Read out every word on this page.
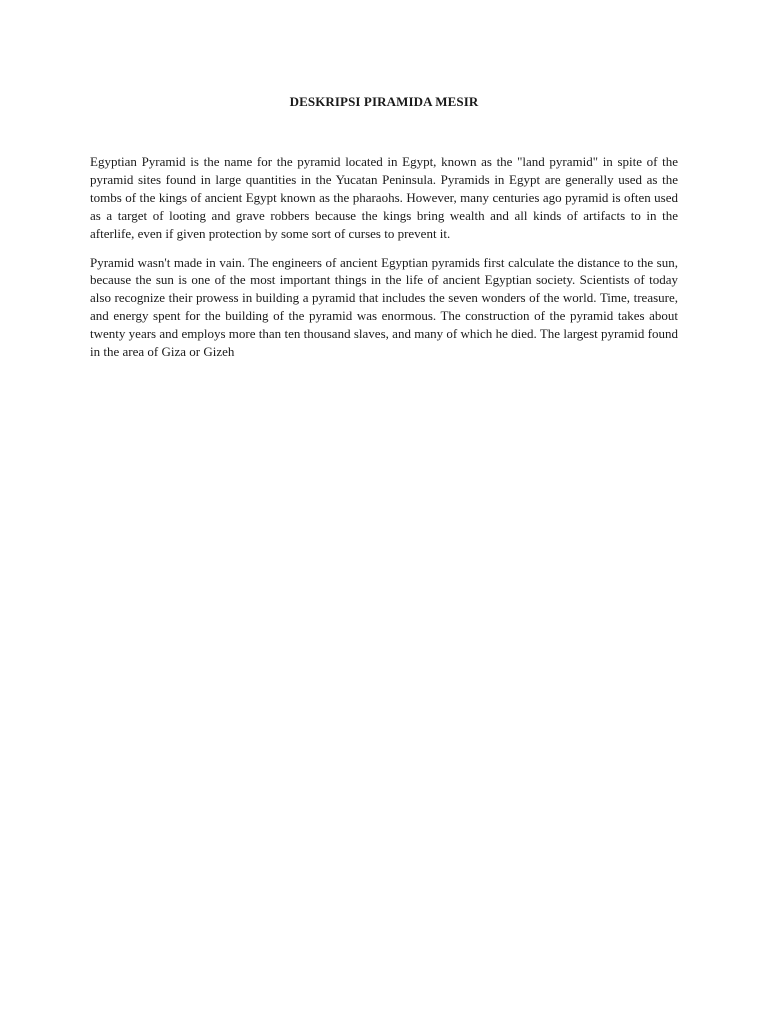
DESKRIPSI PIRAMIDA MESIR

Egyptian Pyramid is the name for the pyramid located in Egypt, known as the "land pyramid" in spite of the pyramid sites found in large quantities in the Yucatan Peninsula. Pyramids in Egypt are generally used as the tombs of the kings of ancient Egypt known as the pharaohs. However, many centuries ago pyramid is often used as a target of looting and grave robbers because the kings bring wealth and all kinds of artifacts to in the afterlife, even if given protection by some sort of curses to prevent it.

Pyramid wasn't made in vain. The engineers of ancient Egyptian pyramids first calculate the distance to the sun, because the sun is one of the most important things in the life of ancient Egyptian society. Scientists of today also recognize their prowess in building a pyramid that includes the seven wonders of the world. Time, treasure, and energy spent for the building of the pyramid was enormous. The construction of the pyramid takes about twenty years and employs more than ten thousand slaves, and many of which he died. The largest pyramid found in the area of Giza or Gizeh
